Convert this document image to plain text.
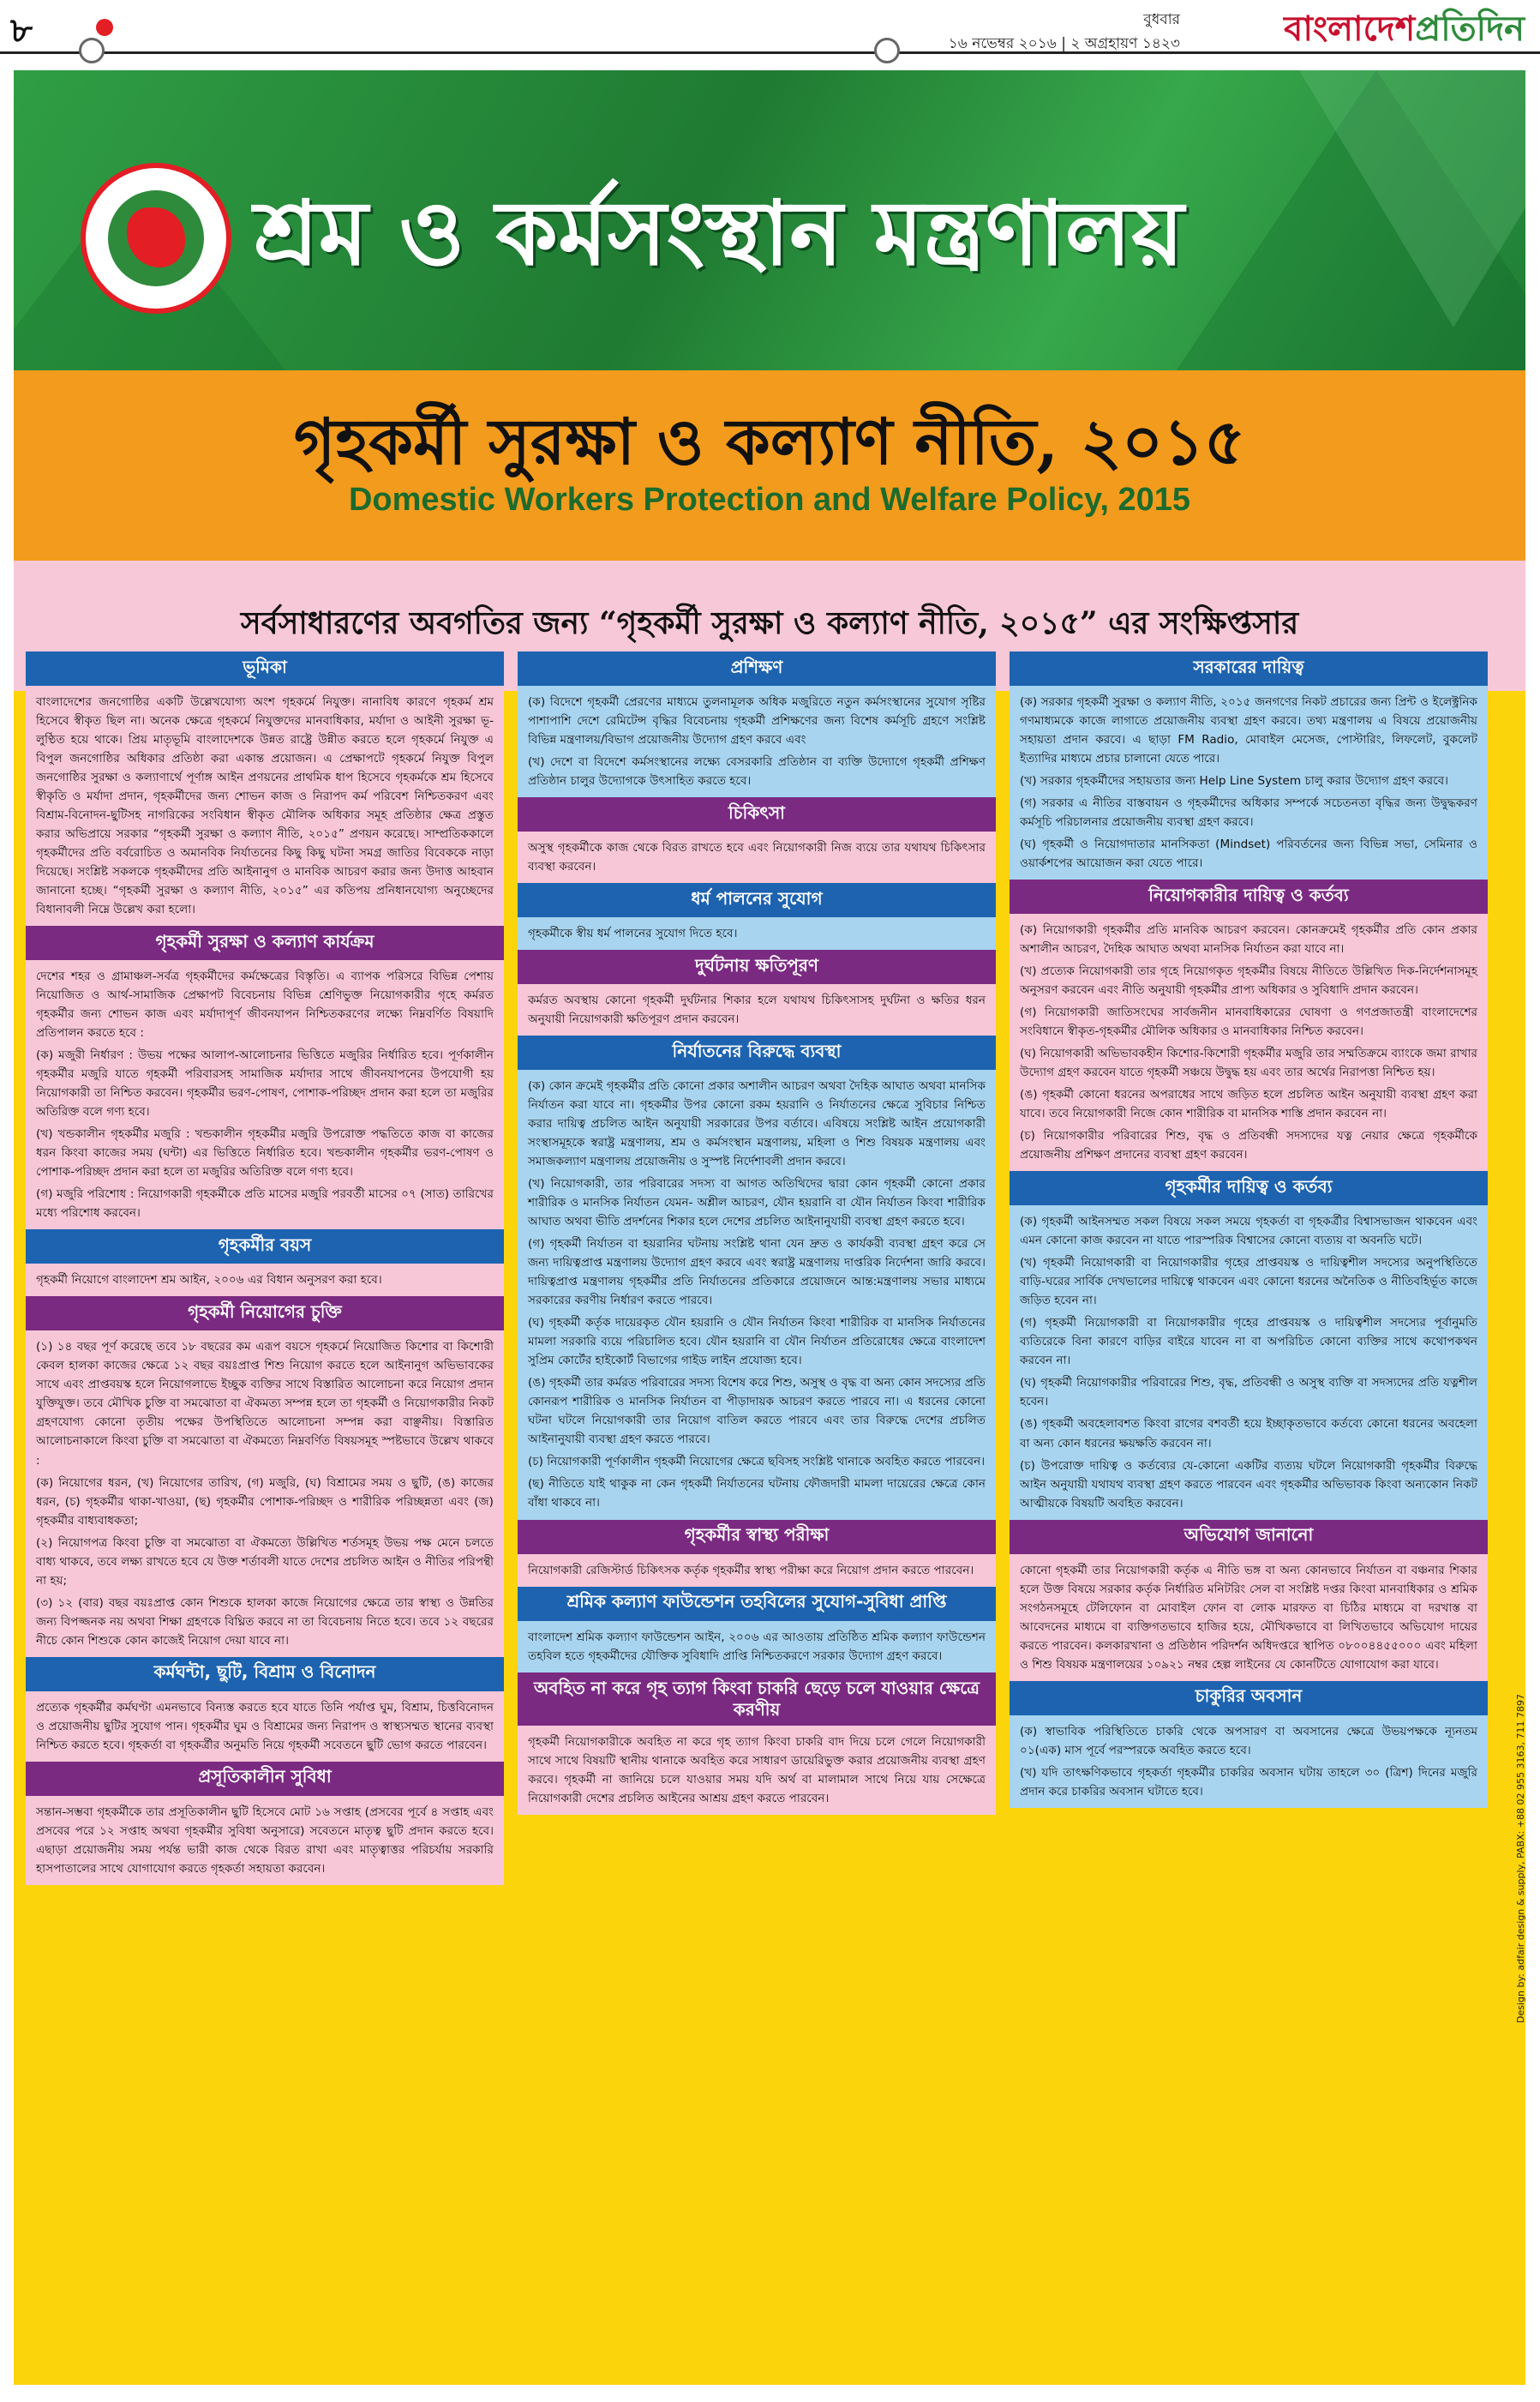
৮	বুধবার
১৬ নভেম্বর ২০১৬ | ২ অগ্রহায়ণ ১৪২৩	বাংলাদেশপ্রতিদিন
শ্রম ও কর্মসংস্থান মন্ত্রণালয়
গৃহকর্মী সুরক্ষা ও কল্যাণ নীতি, ২০১৫
Domestic Workers Protection and Welfare Policy, 2015
সর্বসাধারণের অবগতির জন্য “গৃহকর্মী সুরক্ষা ও কল্যাণ নীতি, ২০১৫” এর সংক্ষিপ্তসার
ভূমিকা

বাংলাদেশের জনগোষ্ঠির একটি উল্লেখযোগ্য অংশ গৃহকর্মে নিযুক্ত। নানাবিধ কারণে গৃহকর্ম শ্রম হিসেবে স্বীকৃত ছিল না। অনেক ক্ষেত্রে গৃহকর্মে নিযুক্তদের মানবাধিকার, মর্যাদা ও আইনী সুরক্ষা ভূ-লুণ্ঠিত হয়ে থাকে। প্রিয় মাতৃভূমি বাংলাদেশকে উন্নত রাষ্ট্রে উন্নীত করতে হলে গৃহকর্মে নিযুক্ত এ বিপুল জনগোষ্ঠির অধিকার প্রতিষ্ঠা করা একান্ত প্রয়োজন। এ প্রেক্ষাপটে গৃহকর্মে নিযুক্ত বিপুল জনগোষ্ঠির সুরক্ষা ও কল্যাণার্থে পূর্ণাঙ্গ আইন প্রণয়নের প্রাথমিক ধাপ হিসেবে গৃহকর্মকে শ্রম হিসেবে স্বীকৃতি ও মর্যাদা প্রদান, গৃহকর্মীদের জন্য শোভন কাজ ও নিরাপদ কর্ম পরিবেশ নিশ্চিতকরণ এবং বিশ্রাম-বিনোদন-ছুটিসহ নাগরিকের সংবিধান স্বীকৃত মৌলিক অধিকার সমূহ প্রতিষ্ঠার ক্ষেত্র প্রস্তুত করার অভিপ্রায়ে সরকার “গৃহকর্মী সুরক্ষা ও কল্যাণ নীতি, ২০১৫” প্রণয়ন করেছে। সাম্প্রতিককালে গৃহকর্মীদের প্রতি বর্বরোচিত ও অমানবিক নির্যাতনের কিছু কিছু ঘটনা সমগ্র জাতির বিবেককে নাড়া দিয়েছে। সংশ্লিষ্ট সকলকে গৃহকর্মীদের প্রতি আইনানুগ ও মানবিক আচরণ করার জন্য উদাত্ত আহবান জানানো হচ্ছে। “গৃহকর্মী সুরক্ষা ও কল্যাণ নীতি, ২০১৫” এর কতিপয় প্রনিধানযোগ্য অনুচ্ছেদের বিধানাবলী নিম্নে উল্লেখ করা হলো।

গৃহকর্মী সুরক্ষা ও কল্যাণ কার্যক্রম

দেশের শহর ও গ্রামাঞ্চল-সর্বত্র গৃহকর্মীদের কর্মক্ষেত্রের বিস্তৃতি। এ ব্যাপক পরিসরে বিভিন্ন পেশায় নিয়োজিত ও আর্থ-সামাজিক প্রেক্ষাপট বিবেচনায় বিভিন্ন শ্রেণিভুক্ত নিয়োগকারীর গৃহে কর্মরত গৃহকর্মীর জন্য শোভন কাজ এবং মর্যাদাপূর্ণ জীবনযাপন নিশ্চিতকরণের লক্ষ্যে নিম্নবর্ণিত বিষয়াদি প্রতিপালন করতে হবে :

(ক) মজুরী নির্ধারণ : উভয় পক্ষের আলাপ-আলোচনার ভিত্তিতে মজুরির নির্ধারিত হবে। পূর্ণকালীন গৃহকর্মীর মজুরি যাতে গৃহকর্মী পরিবারসহ সামাজিক মর্যাদার সাথে জীবনযাপনের উপযোগী হয় নিয়োগকারী তা নিশ্চিত করবেন। গৃহকর্মীর ভরণ-পোষণ, পোশাক-পরিচ্ছদ প্রদান করা হলে তা মজুরির অতিরিক্ত বলে গণ্য হবে।

(খ) খন্ডকালীন গৃহকর্মীর মজুরি : খন্ডকালীন গৃহকর্মীর মজুরি উপরোক্ত পদ্ধতিতে কাজ বা কাজের ধরন কিংবা কাজের সময় (ঘন্টা) এর ভিত্তিতে নির্ধারিত হবে। খন্ডকালীন গৃহকর্মীর ভরণ-পোষণ ও পোশাক-পরিচ্ছদ প্রদান করা হলে তা মজুরির অতিরিক্ত বলে গণ্য হবে।

(গ) মজুরি পরিশোধ : নিয়োগকারী গৃহকর্মীকে প্রতি মাসের মজুরি পরবর্তী মাসের ০৭ (সাত) তারিখের মধ্যে পরিশোধ করবেন।

গৃহকর্মীর বয়স

গৃহকর্মী নিয়োগে বাংলাদেশ শ্রম আইন, ২০০৬ এর বিধান অনুসরণ করা হবে।

গৃহকর্মী নিয়োগের চুক্তি

(১) ১৪ বছর পূর্ণ করেছে তবে ১৮ বছরের কম এরূপ বয়সে গৃহকর্মে নিয়োজিত কিশোর বা কিশোরী কেবল হালকা কাজের ক্ষেত্রে ১২ বছর বয়ঃপ্রাপ্ত শিশু নিয়োগ করতে হলে আইনানুগ অভিভাবকের সাথে এবং প্রাপ্তবয়স্ক হলে নিয়োগলাভে ইচ্ছুক ব্যক্তির সাথে বিস্তারিত আলোচনা করে নিয়োগ প্রদান যুক্তিযুক্ত। তবে মৌখিক চুক্তি বা সমঝোতা বা ঐকমত্য সম্পন্ন হলে তা গৃহকর্মী ও নিয়োগকারীর নিকট গ্রহণযোগ্য কোনো তৃতীয় পক্ষের উপস্থিতিতে আলোচনা সম্পন্ন করা বাঞ্ছনীয়। বিস্তারিত আলোচনাকালে কিংবা চুক্তি বা সমঝোতা বা ঐকমত্যে নিম্নবর্ণিত বিষয়সমূহ স্পষ্টভাবে উল্লেখ থাকবে :

(ক) নিয়োগের ধরন, (খ) নিয়োগের তারিখ, (গ) মজুরি, (ঘ) বিশ্রামের সময় ও ছুটি, (ঙ) কাজের ধরন, (চ) গৃহকর্মীর থাকা-খাওয়া, (ছ) গৃহকর্মীর পোশাক-পরিচ্ছদ ও শারীরিক পরিচ্ছন্নতা এবং (জ) গৃহকর্মীর বাধ্যবাধকতা;

(২) নিয়োগপত্র কিংবা চুক্তি বা সমঝোতা বা ঐকমত্যে উল্লিখিত শর্তসমূহ উভয় পক্ষ মেনে চলতে বাধ্য থাকবে, তবে লক্ষ্য রাখতে হবে যে উক্ত শর্তাবলী যাতে দেশের প্রচলিত আইন ও নীতির পরিপন্থী না হয়;

(৩) ১২ (বার) বছর বয়ঃপ্রাপ্ত কোন শিশুকে হালকা কাজে নিয়োগের ক্ষেত্রে তার স্বাস্থ্য ও উন্নতির জন্য বিপজ্জনক নয় অথবা শিক্ষা গ্রহণকে বিঘ্নিত করবে না তা বিবেচনায় নিতে হবে। তবে ১২ বছরের নীচে কোন শিশুকে কোন কাজেই নিয়োগ দেয়া যাবে না।

কর্মঘন্টা, ছুটি, বিশ্রাম ও বিনোদন

প্রত্যেক গৃহকর্মীর কর্মঘণ্টা এমনভাবে বিন্যস্ত করতে হবে যাতে তিনি পর্যাপ্ত ঘুম, বিশ্রাম, চিত্তবিনোদন ও প্রয়োজনীয় ছুটির সুযোগ পান। গৃহকর্মীর ঘুম ও বিশ্রামের জন্য নিরাপদ ও স্বাস্থ্যসম্মত স্থানের ব্যবস্থা নিশ্চিত করতে হবে। গৃহকর্তা বা গৃহকর্ত্রীর অনুমতি নিয়ে গৃহকর্মী সবেতনে ছুটি ভোগ করতে পারবেন।

প্রসূতিকালীন সুবিধা

সন্তান-সম্ভবা গৃহকর্মীকে তার প্রসূতিকালীন ছুটি হিসেবে মোট ১৬ সপ্তাহ (প্রসবের পূর্বে ৪ সপ্তাহ এবং প্রসবের পরে ১২ সপ্তাহ অথবা গৃহকর্মীর সুবিধা অনুসারে) সবেতনে মাতৃত্ব ছুটি প্রদান করতে হবে। এছাড়া প্রয়োজনীয় সময় পর্যন্ত ভারী কাজ থেকে বিরত রাখা এবং মাতৃত্বাত্তর পরিচর্যায় সরকারি হাসপাতালের সাথে যোগাযোগ করতে গৃহকর্তা সহায়তা করবেন।

প্রশিক্ষণ

(ক) বিদেশে গৃহকর্মী প্রেরণের মাধ্যমে তুলনামূলক অধিক মজুরিতে নতুন কর্মসংস্থানের সুযোগ সৃষ্টির পাশাপাশি দেশে রেমিটেন্স বৃদ্ধির বিবেচনায় গৃহকর্মী প্রশিক্ষণের জন্য বিশেষ কর্মসূচি গ্রহণে সংশ্লিষ্ট বিভিন্ন মন্ত্রণালয়/বিভাগ প্রয়োজনীয় উদ্যোগ গ্রহণ করবে এবং

(খ) দেশে বা বিদেশে কর্মসংস্থানের লক্ষ্যে বেসরকারি প্রতিষ্ঠান বা ব্যক্তি উদ্যোগে গৃহকর্মী প্রশিক্ষণ প্রতিষ্ঠান চালুর উদ্যোগকে উৎসাহিত করতে হবে।

চিকিৎসা

অসুস্থ গৃহকর্মীকে কাজ থেকে বিরত রাখতে হবে এবং নিয়োগকারী নিজ ব্যয়ে তার যথাযথ চিকিৎসার ব্যবস্থা করবেন।

ধর্ম পালনের সুযোগ

গৃহকর্মীকে স্বীয় ধর্ম পালনের সুযোগ দিতে হবে।

দুর্ঘটনায় ক্ষতিপূরণ

কর্মরত অবস্থায় কোনো গৃহকর্মী দুর্ঘটনার শিকার হলে যথাযথ চিকিৎসাসহ দুর্ঘটনা ও ক্ষতির ধরন অনুযায়ী নিয়োগকারী ক্ষতিপূরণ প্রদান করবেন।

নির্যাতনের বিরুদ্ধে ব্যবস্থা

(ক) কোন ক্রমেই গৃহকর্মীর প্রতি কোনো প্রকার অশালীন আচরণ অথবা দৈহিক আঘাত অথবা মানসিক নির্যাতন করা যাবে না। গৃহকর্মীর উপর কোনো রকম হয়রানি ও নির্যাতনের ক্ষেত্রে সুবিচার নিশ্চিত করার দায়িত্ব প্রচলিত আইন অনুযায়ী সরকারের উপর বর্তাবে। এবিষয়ে সংশ্লিষ্ট আইন প্রয়োগকারী সংস্থাসমূহকে স্বরাষ্ট্র মন্ত্রণালয়, শ্রম ও কর্মসংস্থান মন্ত্রণালয়, মহিলা ও শিশু বিষয়ক মন্ত্রণালয় এবং সমাজকল্যাণ মন্ত্রণালয় প্রয়োজনীয় ও সুস্পষ্ট নির্দেশাবলী প্রদান করবে।

(খ) নিয়োগকারী, তার পরিবারের সদস্য বা আগত অতিথিদের দ্বারা কোন গৃহকর্মী কোনো প্রকার শারীরিক ও মানসিক নির্যাতন যেমন- অশ্লীল আচরণ, যৌন হয়রানি বা যৌন নির্যাতন কিংবা শারীরিক আঘাত অথবা ভীতি প্রদর্শনের শিকার হলে দেশের প্রচলিত আইনানুযায়ী ব্যবস্থা গ্রহণ করতে হবে।

(গ) গৃহকর্মী নির্যাতন বা হয়রানির ঘটনায় সংশ্লিষ্ট থানা যেন দ্রুত ও কার্যকরী ব্যবস্থা গ্রহণ করে সে জন্য দায়িত্বপ্রাপ্ত মন্ত্রণালয় উদ্যোগ গ্রহণ করবে এবং স্বরাষ্ট্র মন্ত্রণালয় দাপ্তরিক নির্দেশনা জারি করবে। দায়িত্বপ্রাপ্ত মন্ত্রণালয় গৃহকর্মীর প্রতি নির্যাতনের প্রতিকারে প্রয়োজনে আন্ত:মন্ত্রণালয় সভার মাধ্যমে সরকারের করণীয় নির্ধারণ করতে পারবে।

(ঘ) গৃহকর্মী কর্তৃক দায়েরকৃত যৌন হয়রানি ও যৌন নির্যাতন কিংবা শারীরিক বা মানসিক নির্যাতনের মামলা সরকারি ব্যয়ে পরিচালিত হবে। যৌন হয়রানি বা যৌন নির্যাতন প্রতিরোধের ক্ষেত্রে বাংলাদেশ সুপ্রিম কোর্টের হাইকোর্ট বিভাগের গাইড লাইন প্রযোজ্য হবে।

(ঙ) গৃহকর্মী তার কর্মরত পরিবারের সদস্য বিশেষ করে শিশু, অসুস্থ ও বৃদ্ধ বা অন্য কোন সদস্যের প্রতি কোনরূপ শারীরিক ও মানসিক নির্যাতন বা পীড়াদায়ক আচরণ করতে পারবে না। এ ধরনের কোনো ঘটনা ঘটলে নিয়োগকারী তার নিয়োগ বাতিল করতে পারবে এবং তার বিরুদ্ধে দেশের প্রচলিত আইনানুযায়ী ব্যবস্থা গ্রহণ করতে পারবে।

(চ) নিয়োগকারী পূর্ণকালীন গৃহকর্মী নিয়োগের ক্ষেত্রে ছবিসহ সংশ্লিষ্ট থানাকে অবহিত করতে পারবেন।

(ছ) নীতিতে যাই থাকুক না কেন গৃহকর্মী নির্যাতনের ঘটনায় ফৌজদারী মামলা দায়েরের ক্ষেত্রে কোন বাঁধা থাকবে না।

গৃহকর্মীর স্বাস্থ্য পরীক্ষা

নিয়োগকারী রেজিস্টার্ড চিকিৎসক কর্তৃক গৃহকর্মীর স্বাস্থ্য পরীক্ষা করে নিয়োগ প্রদান করতে পারবেন।

শ্রমিক কল্যাণ ফাউন্ডেশন তহবিলের সুযোগ-সুবিধা প্রাপ্তি

বাংলাদেশ শ্রমিক কল্যাণ ফাউন্ডেশন আইন, ২০০৬ এর আওতায় প্রতিষ্ঠিত শ্রমিক কল্যাণ ফাউন্ডেশন তহবিল হতে গৃহকর্মীদের যৌক্তিক সুবিধাদি প্রাপ্তি নিশ্চিতকরণে সরকার উদ্যোগ গ্রহণ করবে।

অবহিত না করে গৃহ ত্যাগ কিংবা চাকরি ছেড়ে চলে যাওয়ার ক্ষেত্রে করণীয়

গৃহকর্মী নিয়োগকারীকে অবহিত না করে গৃহ ত্যাগ কিংবা চাকরি বাদ দিয়ে চলে গেলে নিয়োগকারী সাথে সাথে বিষয়টি স্থানীয় থানাকে অবহিত করে সাধারণ ডায়েরিভুক্ত করার প্রয়োজনীয় ব্যবস্থা গ্রহণ করবে। গৃহকর্মী না জানিয়ে চলে যাওয়ার সময় যদি অর্থ বা মালামাল সাথে নিয়ে যায় সেক্ষেত্রে নিয়োগকারী দেশের প্রচলিত আইনের আশ্রয় গ্রহণ করতে পারবেন।

সরকারের দায়িত্ব

(ক) সরকার গৃহকর্মী সুরক্ষা ও কল্যাণ নীতি, ২০১৫ জনগণের নিকট প্রচারের জন্য প্রিন্ট ও ইলেক্ট্রনিক গণমাধ্যমকে কাজে লাগাতে প্রয়োজনীয় ব্যবস্থা গ্রহণ করবে। তথ্য মন্ত্রণালয় এ বিষয়ে প্রয়োজনীয় সহায়তা প্রদান করবে। এ ছাড়া FM Radio, মোবাইল মেসেজ, পোস্টারিং, লিফলেট, বুকলেট ইত্যাদির মাধ্যমে প্রচার চালানো যেতে পারে।

(খ) সরকার গৃহকর্মীদের সহায়তার জন্য Help Line System চালু করার উদ্যোগ গ্রহণ করবে।

(গ) সরকার এ নীতির বাস্তবায়ন ও গৃহকর্মীদের অধিকার সম্পর্কে সচেতনতা বৃদ্ধির জন্য উদ্বুদ্ধকরণ কর্মসূচি পরিচালনার প্রয়োজনীয় ব্যবস্থা গ্রহণ করবে।

(ঘ) গৃহকর্মী ও নিয়োগদাতার মানসিকতা (Mindset) পরিবর্তনের জন্য বিভিন্ন সভা, সেমিনার ও ওয়ার্কশপের আয়োজন করা যেতে পারে।

নিয়োগকারীর দায়িত্ব ও কর্তব্য

(ক) নিয়োগকারী গৃহকর্মীর প্রতি মানবিক আচরণ করবেন। কোনক্রমেই গৃহকর্মীর প্রতি কোন প্রকার অশালীন আচরণ, দৈহিক আঘাত অথবা মানসিক নির্যাতন করা যাবে না।

(খ) প্রত্যেক নিয়োগকারী তার গৃহে নিয়োগকৃত গৃহকর্মীর বিষয়ে নীতিতে উল্লিখিত দিক-নির্দেশনাসমূহ অনুসরণ করবেন এবং নীতি অনুযায়ী গৃহকর্মীর প্রাপ্য অধিকার ও সুবিধাদি প্রদান করবেন।

(গ) নিয়োগকারী জাতিসংঘের সার্বজনীন মানবাধিকারের ঘোষণা ও গণপ্রজাতন্ত্রী বাংলাদেশের সংবিধানে স্বীকৃত-গৃহকর্মীর মৌলিক অধিকার ও মানবাধিকার নিশ্চিত করবেন।

(ঘ) নিয়োগকারী অভিভাবকহীন কিশোর-কিশোরী গৃহকর্মীর মজুরি তার সম্মতিক্রমে ব্যাংকে জমা রাখার উদ্যোগ গ্রহণ করবেন যাতে গৃহকর্মী সঞ্চয়ে উদ্বুদ্ধ হয় এবং তার অর্থের নিরাপত্তা নিশ্চিত হয়।

(ঙ) গৃহকর্মী কোনো ধরনের অপরাধের সাথে জড়িত হলে প্রচলিত আইন অনুযায়ী ব্যবস্থা গ্রহণ করা যাবে। তবে নিয়োগকারী নিজে কোন শারীরিক বা মানসিক শাস্তি প্রদান করবেন না।

(চ) নিয়োগকারীর পরিবারের শিশু, বৃদ্ধ ও প্রতিবন্ধী সদস্যদের যত্ন নেয়ার ক্ষেত্রে গৃহকর্মীকে প্রয়োজনীয় প্রশিক্ষণ প্রদানের ব্যবস্থা গ্রহণ করবেন।

গৃহকর্মীর দায়িত্ব ও কর্তব্য

(ক) গৃহকর্মী আইনসম্মত সকল বিষয়ে সকল সময়ে গৃহকর্তা বা গৃহকর্ত্রীর বিশ্বাসভাজন থাকবেন এবং এমন কোনো কাজ করবেন না যাতে পারস্পরিক বিশ্বাসের কোনো ব্যত্যয় বা অবনতি ঘটে।

(খ) গৃহকর্মী নিয়োগকারী বা নিয়োগকারীর গৃহের প্রাপ্তবয়স্ক ও দায়িত্বশীল সদস্যের অনুপস্থিতিতে বাড়ি-ঘরের সার্বিক দেখভালের দায়িত্বে থাকবেন এবং কোনো ধরনের অনৈতিক ও নীতিবহির্ভূত কাজে জড়িত হবেন না।

(গ) গৃহকর্মী নিয়োগকারী বা নিয়োগকারীর গৃহের প্রাপ্তবয়স্ক ও দায়িত্বশীল সদস্যের পূর্বানুমতি ব্যতিরেকে বিনা কারণে বাড়ির বাইরে যাবেন না বা অপরিচিত কোনো ব্যক্তির সাথে কথোপকথন করবেন না।

(ঘ) গৃহকর্মী নিয়োগকারীর পরিবারের শিশু, বৃদ্ধ, প্রতিবন্ধী ও অসুস্থ ব্যক্তি বা সদস্যদের প্রতি যত্নশীল হবেন।

(ঙ) গৃহকর্মী অবহেলাবশত কিংবা রাগের বশবর্তী হয়ে ইচ্ছাকৃতভাবে কর্তব্যে কোনো ধরনের অবহেলা বা অন্য কোন ধরনের ক্ষয়ক্ষতি করবেন না।

(চ) উপরোক্ত দায়িত্ব ও কর্তব্যের যে-কোনো একটির ব্যত্যয় ঘটলে নিয়োগকারী গৃহকর্মীর বিরুদ্ধে আইন অনুযায়ী যথাযথ ব্যবস্থা গ্রহণ করতে পারবেন এবং গৃহকর্মীর অভিভাবক কিংবা অন্যকোন নিকট আত্মীয়কে বিষয়টি অবহিত করবেন।

অভিযোগ জানানো

কোনো গৃহকর্মী তার নিয়োগকারী কর্তৃক এ নীতি ভঙ্গ বা অন্য কোনভাবে নির্যাতন বা বঞ্চনার শিকার হলে উক্ত বিষয়ে সরকার কর্তৃক নির্ধারিত মনিটরিং সেল বা সংশ্লিষ্ট দপ্তর কিংবা মানবাধিকার ও শ্রমিক সংগঠনসমূহে টেলিফোন বা মোবাইল ফোন বা লোক মারফত বা চিঠির মাধ্যমে বা দরখাস্ত বা আবেদনের মাধ্যমে বা ব্যক্তিগতভাবে হাজির হয়ে, মৌখিকভাবে বা লিখিতভাবে অভিযোগ দায়ের করতে পারবেন। কলকারখানা ও প্রতিষ্ঠান পরিদর্শন অধিদপ্তরে স্থাপিত ০৮০০৪৪৫৫০০০ এবং মহিলা ও শিশু বিষয়ক মন্ত্রণালয়ের ১০৯২১ নম্বর হেল্প লাইনের যে কোনটিতে যোগাযোগ করা যাবে।

চাকুরির অবসান

(ক) স্বাভাবিক পরিস্থিতিতে চাকরি থেকে অপসারণ বা অবসানের ক্ষেত্রে উভয়পক্ষকে ন্যূনতম ০১(এক) মাস পূর্বে পরস্পরকে অবহিত করতে হবে।

(খ) যদি তাৎক্ষণিকভাবে গৃহকর্তা গৃহকর্মীর চাকরির অবসান ঘটায় তাহলে ৩০ (ত্রিশ) দিনের মজুরি প্রদান করে চাকরির অবসান ঘটাতে হবে।	Design by: adfair design & supply, PABX: +88 02 955 3163, 711 7897
